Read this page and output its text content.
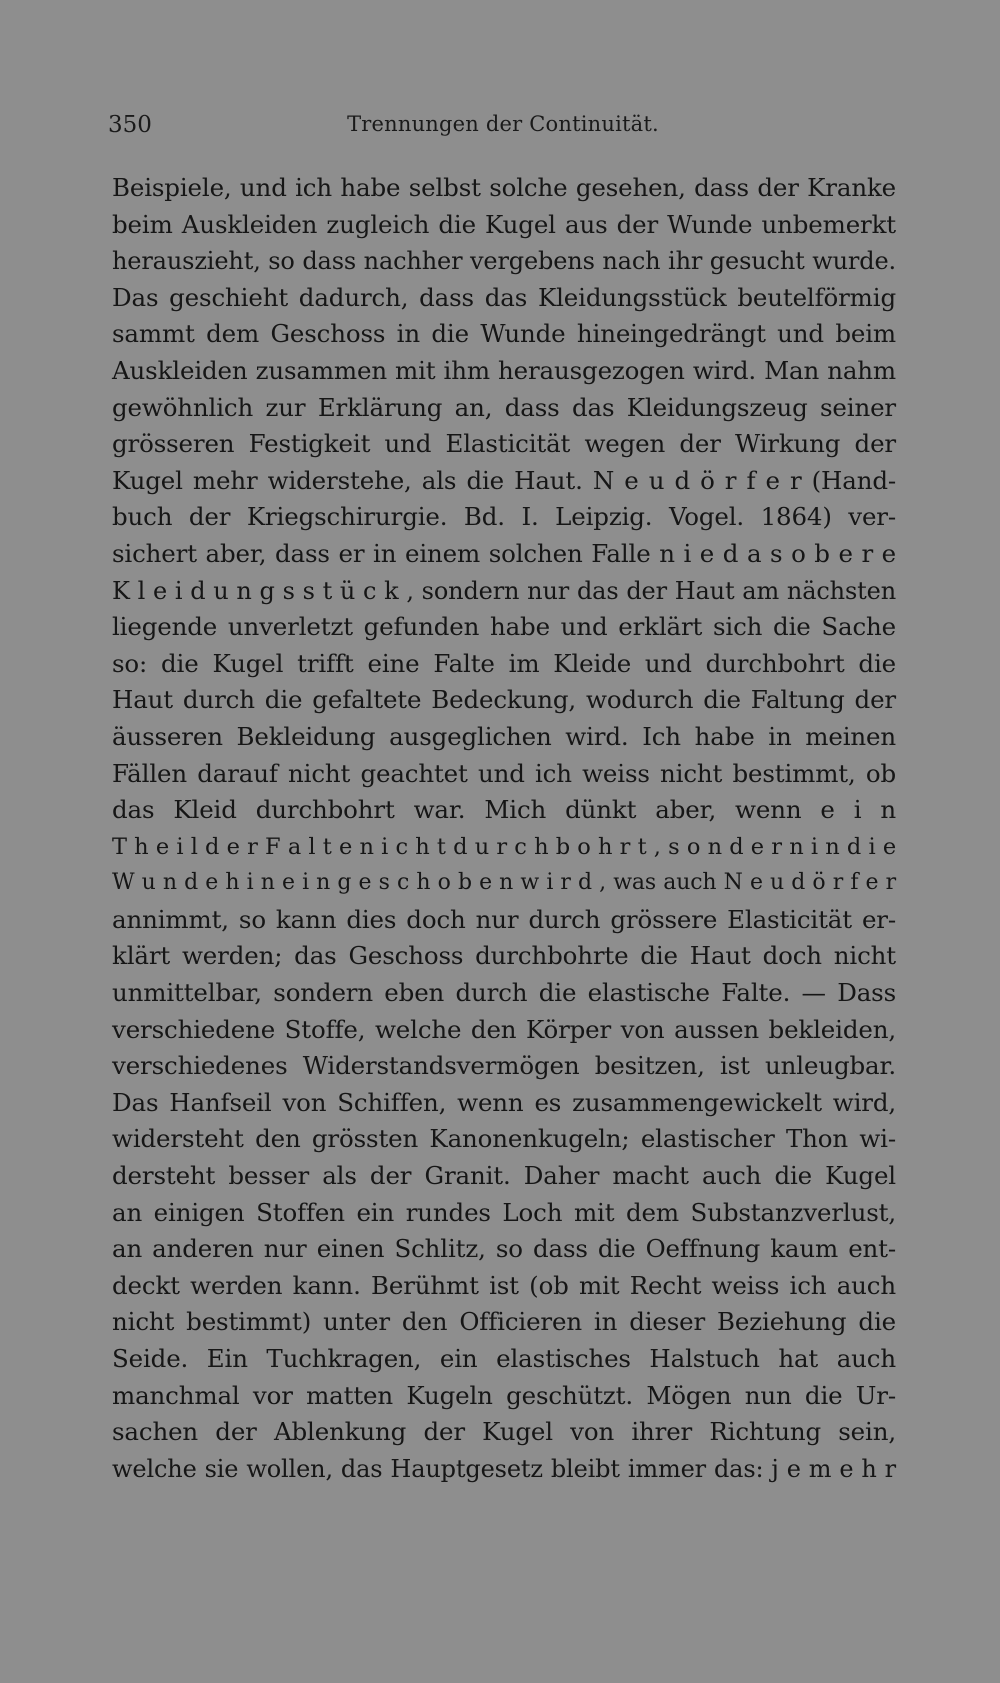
350	Trennungen der Continuität.
Beispiele, und ich habe selbst solche gesehen, dass der Kranke
beim Auskleiden zugleich die Kugel aus der Wunde unbemerkt
herauszieht, so dass nachher vergebens nach ihr gesucht wurde.
Das geschieht dadurch, dass das Kleidungsstück beutelförmig
sammt dem Geschoss in die Wunde hineingedrängt und beim
Auskleiden zusammen mit ihm herausgezogen wird. Man nahm
gewöhnlich zur Erklärung an, dass das Kleidungszeug seiner
grösseren Festigkeit und Elasticität wegen der Wirkung der
Kugel mehr widerstehe, als die Haut. N e u d ö r f e r (Hand-
buch der Kriegschirurgie. Bd. I. Leipzig. Vogel. 1864) ver-
sichert aber, dass er in einem solchen Falle n i e d a s o b e r e
K l e i d u n g s s t ü c k , sondern nur das der Haut am nächsten
liegende unverletzt gefunden habe und erklärt sich die Sache
so: die Kugel trifft eine Falte im Kleide und durchbohrt die
Haut durch die gefaltete Bedeckung, wodurch die Faltung der
äusseren Bekleidung ausgeglichen wird. Ich habe in meinen
Fällen darauf nicht geachtet und ich weiss nicht bestimmt, ob
das Kleid durchbohrt war. Mich dünkt aber, wenn e i n
T h e i l d e r F a l t e n i c h t d u r c h b o h r t , s o n d e r n i n d i e
W u n d e h i n e i n g e s c h o b e n w i r d , was auch N e u d ö r f e r
annimmt, so kann dies doch nur durch grössere Elasticität er-
klärt werden; das Geschoss durchbohrte die Haut doch nicht
unmittelbar, sondern eben durch die elastische Falte. — Dass
verschiedene Stoffe, welche den Körper von aussen bekleiden,
verschiedenes Widerstandsvermögen besitzen, ist unleugbar.
Das Hanfseil von Schiffen, wenn es zusammengewickelt wird,
widersteht den grössten Kanonenkugeln; elastischer Thon wi-
dersteht besser als der Granit. Daher macht auch die Kugel
an einigen Stoffen ein rundes Loch mit dem Substanzverlust,
an anderen nur einen Schlitz, so dass die Oeffnung kaum ent-
deckt werden kann. Berühmt ist (ob mit Recht weiss ich auch
nicht bestimmt) unter den Officieren in dieser Beziehung die
Seide. Ein Tuchkragen, ein elastisches Halstuch hat auch
manchmal vor matten Kugeln geschützt. Mögen nun die Ur-
sachen der Ablenkung der Kugel von ihrer Richtung sein,
welche sie wollen, das Hauptgesetz bleibt immer das: j e m e h r
